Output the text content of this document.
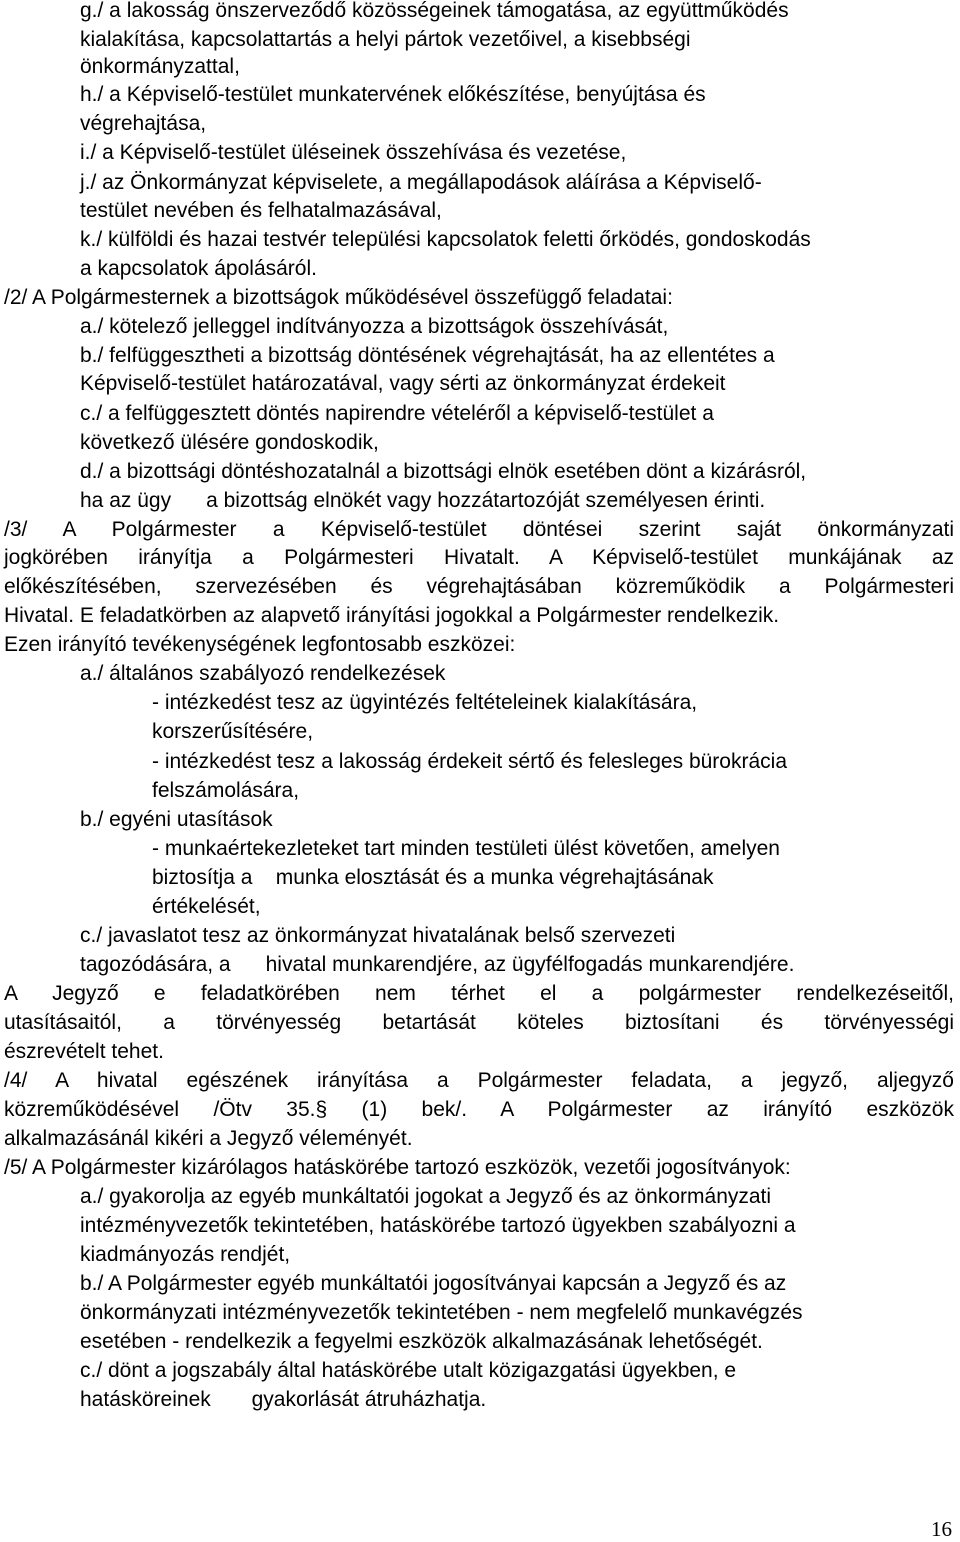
g./ a lakosság önszerveződő közösségeinek támogatása, az együttműködés
kialakítása, kapcsolattartás a helyi pártok vezetőivel, a kisebbségi
önkormányzattal,
h./ a Képviselő-testület munkatervének előkészítése, benyújtása és
végrehajtása,
i./ a Képviselő-testület üléseinek összehívása és vezetése,
j./ az Önkormányzat képviselete, a megállapodások aláírása a Képviselő-
testület nevében és felhatalmazásával,
k./ külföldi és hazai testvér települési kapcsolatok feletti őrködés, gondoskodás
a kapcsolatok ápolásáról.
/2/ A Polgármesternek a bizottságok működésével összefüggő feladatai:
a./ kötelező jelleggel indítványozza a bizottságok összehívását,
b./ felfüggesztheti a bizottság döntésének végrehajtását, ha az ellentétes a
Képviselő-testület határozatával, vagy sérti az önkormányzat érdekeit
c./ a felfüggesztett döntés napirendre vételéről a képviselő-testület a
következő ülésére gondoskodik,
d./ a bizottsági döntéshozatalnál a bizottsági elnök esetében dönt a kizárásról,
ha az ügy      a bizottság elnökét vagy hozzátartozóját személyesen érinti.
/3/ A Polgármester a Képviselő-testület döntései szerint saját önkormányzati
jogkörében irányítja a Polgármesteri Hivatalt. A Képviselő-testület munkájának az
előkészítésében, szervezésében és végrehajtásában közreműködik a Polgármesteri
Hivatal. E feladatkörben az alapvető irányítási jogokkal a Polgármester rendelkezik.
Ezen irányító tevékenységének legfontosabb eszközei:
a./ általános szabályozó rendelkezések
- intézkedést tesz az ügyintézés feltételeinek kialakítására,
korszerűsítésére,
- intézkedést tesz a lakosság érdekeit sértő és felesleges bürokrácia
felszámolására,
b./ egyéni utasítások
- munkaértekezleteket tart minden testületi ülést követően, amelyen
biztosítja a    munka elosztását és a munka végrehajtásának
értékelését,
c./ javaslatot tesz az önkormányzat hivatalának belső szervezeti
tagozódására, a      hivatal munkarendjére, az ügyfélfogadás munkarendjére.
A Jegyző e feladatkörében nem térhet el a polgármester rendelkezéseitől,
utasításaitól, a törvényesség betartását köteles biztosítani és törvényességi
észrevételt tehet.
/4/ A hivatal egészének irányítása a Polgármester feladata, a jegyző, aljegyző
közreműködésével /Ötv 35.§ (1) bek/. A Polgármester az irányító eszközök
alkalmazásánál kikéri a Jegyző véleményét.
/5/ A Polgármester kizárólagos hatáskörébe tartozó eszközök, vezetői jogosítványok:
a./ gyakorolja az egyéb munkáltatói jogokat a Jegyző és az önkormányzati
intézményvezetők tekintetében, hatáskörébe tartozó ügyekben szabályozni a
kiadmányozás rendjét,
b./ A Polgármester egyéb munkáltatói jogosítványai kapcsán a Jegyző és az
önkormányzati intézményvezetők tekintetében - nem megfelelő munkavégzés
esetében - rendelkezik a fegyelmi eszközök alkalmazásának lehetőségét.
c./ dönt a jogszabály által hatáskörébe utalt közigazgatási ügyekben, e
hatásköreinek       gyakorlását átruházhatja.
16
